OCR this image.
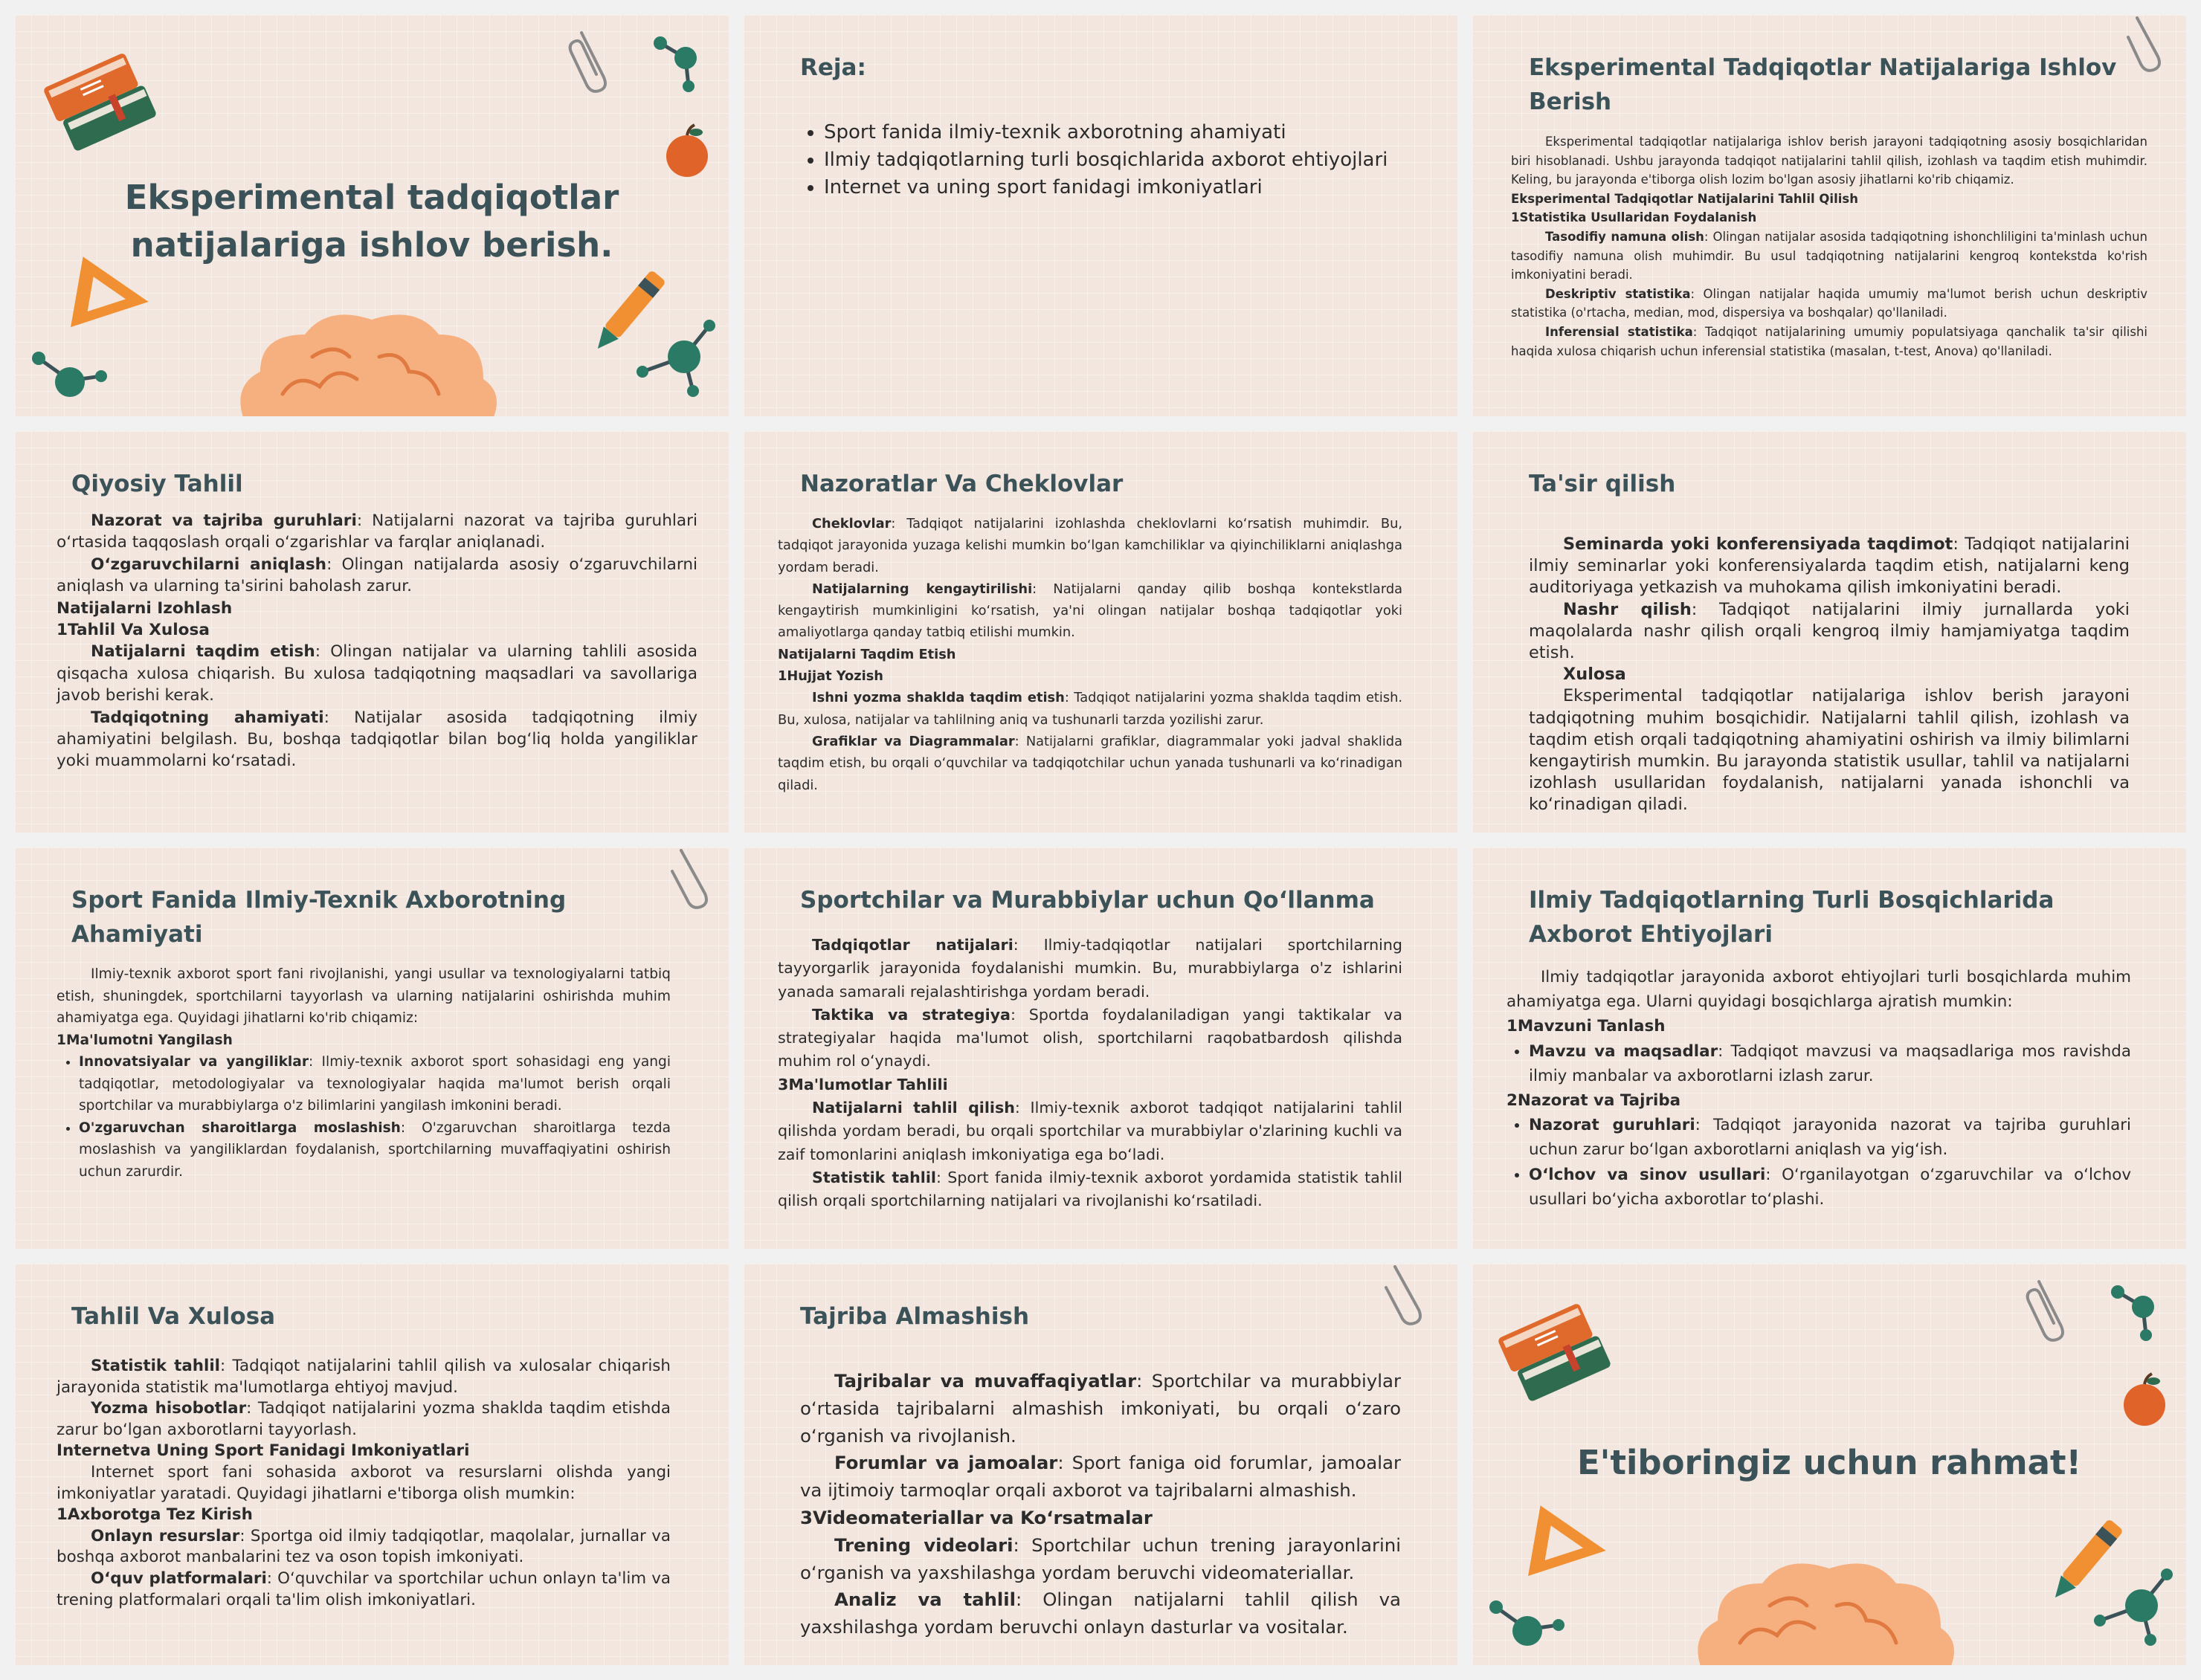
Eksperimental tadqiqotlar
natijalariga ishlov berish.
Reja:
• Sport fanida ilmiy-texnik axborotning ahamiyati
• Ilmiy tadqiqotlarning turli bosqichlarida axborot ehtiyojlari
• Internet va uning sport fanidagi imkoniyatlari
Eksperimental Tadqiqotlar Natijalariga Ishlov Berish

Eksperimental tadqiqotlar natijalariga ishlov berish jarayoni tadqiqotning asosiy bosqichlaridan biri hisoblanadi. Ushbu jarayonda tadqiqot natijalarini tahlil qilish, izohlash va taqdim etish muhimdir. Keling, bu jarayonda e'tiborga olish lozim bo'lgan asosiy jihatlarni ko'rib chiqamiz.

Eksperimental Tadqiqotlar Natijalarini Tahlil Qilish

1Statistika Usullaridan Foydalanish

Tasodifiy namuna olish: Olingan natijalar asosida tadqiqotning ishonchliligini ta'minlash uchun tasodifiy namuna olish muhimdir. Bu usul tadqiqotning natijalarini kengroq kontekstda ko'rish imkoniyatini beradi.

Deskriptiv statistika: Olingan natijalar haqida umumiy ma'lumot berish uchun deskriptiv statistika (o'rtacha, median, mod, dispersiya va boshqalar) qo'llaniladi.

Inferensial statistika: Tadqiqot natijalarining umumiy populatsiyaga qanchalik ta'sir qilishi haqida xulosa chiqarish uchun inferensial statistika (masalan, t-test, Anova) qo'llaniladi.

Qiyosiy Tahlil

Nazorat va tajriba guruhlari: Natijalarni nazorat va tajriba guruhlari o‘rtasida taqqoslash orqali o‘zgarishlar va farqlar aniqlanadi.

O‘zgaruvchilarni aniqlash: Olingan natijalarda asosiy o‘zgaruvchilarni aniqlash va ularning ta'sirini baholash zarur.

Natijalarni Izohlash

1Tahlil Va Xulosa

Natijalarni taqdim etish: Olingan natijalar va ularning tahlili asosida qisqacha xulosa chiqarish. Bu xulosa tadqiqotning maqsadlari va savollariga javob berishi kerak.

Tadqiqotning ahamiyati: Natijalar asosida tadqiqotning ilmiy ahamiyatini belgilash. Bu, boshqa tadqiqotlar bilan bog‘liq holda yangiliklar yoki muammolarni ko‘rsatadi.

Nazoratlar Va Cheklovlar

Cheklovlar: Tadqiqot natijalarini izohlashda cheklovlarni ko‘rsatish muhimdir. Bu, tadqiqot jarayonida yuzaga kelishi mumkin bo‘lgan kamchiliklar va qiyinchiliklarni aniqlashga yordam beradi.

Natijalarning kengaytirilishi: Natijalarni qanday qilib boshqa kontekstlarda kengaytirish mumkinligini ko‘rsatish, ya'ni olingan natijalar boshqa tadqiqotlar yoki amaliyotlarga qanday tatbiq etilishi mumkin.

Natijalarni Taqdim Etish

1Hujjat Yozish

Ishni yozma shaklda taqdim etish: Tadqiqot natijalarini yozma shaklda taqdim etish. Bu, xulosa, natijalar va tahlilning aniq va tushunarli tarzda yozilishi zarur.

Grafiklar va Diagrammalar: Natijalarni grafiklar, diagrammalar yoki jadval shaklida taqdim etish, bu orqali o‘quvchilar va tadqiqotchilar uchun yanada tushunarli va ko‘rinadigan qiladi.

Ta'sir qilish

Seminarda yoki konferensiyada taqdimot: Tadqiqot natijalarini ilmiy seminarlar yoki konferensiyalarda taqdim etish, natijalarni keng auditoriyaga yetkazish va muhokama qilish imkoniyatini beradi.

Nashr qilish: Tadqiqot natijalarini ilmiy jurnallarda yoki maqolalarda nashr qilish orqali kengroq ilmiy hamjamiyatga taqdim etish.

Xulosa

Eksperimental tadqiqotlar natijalariga ishlov berish jarayoni tadqiqotning muhim bosqichidir. Natijalarni tahlil qilish, izohlash va taqdim etish orqali tadqiqotning ahamiyatini oshirish va ilmiy bilimlarni kengaytirish mumkin. Bu jarayonda statistik usullar, tahlil va natijalarni izohlash usullaridan foydalanish, natijalarni yanada ishonchli va ko‘rinadigan qiladi.

Sport Fanida Ilmiy-Texnik Axborotning Ahamiyati

Ilmiy-texnik axborot sport fani rivojlanishi, yangi usullar va texnologiyalarni tatbiq etish, shuningdek, sportchilarni tayyorlash va ularning natijalarini oshirishda muhim ahamiyatga ega. Quyidagi jihatlarni ko'rib chiqamiz:

1Ma'lumotni Yangilash

• Innovatsiyalar va yangiliklar: Ilmiy-texnik axborot sport sohasidagi eng yangi tadqiqotlar, metodologiyalar va texnologiyalar haqida ma'lumot berish orqali sportchilar va murabbiylarga o'z bilimlarini yangilash imkonini beradi.
• O'zgaruvchan sharoitlarga moslashish: O'zgaruvchan sharoitlarga tezda moslashish va yangiliklardan foydalanish, sportchilarning muvaffaqiyatini oshirish uchun zarurdir.
Sportchilar va Murabbiylar uchun Qo‘llanma

Tadqiqotlar natijalari: Ilmiy-tadqiqotlar natijalari sportchilarning tayyorgarlik jarayonida foydalanishi mumkin. Bu, murabbiylarga o'z ishlarini yanada samarali rejalashtirishga yordam beradi.

Taktika va strategiya: Sportda foydalaniladigan yangi taktikalar va strategiyalar haqida ma'lumot olish, sportchilarni raqobatbardosh qilishda muhim rol o‘ynaydi.

3Ma'lumotlar Tahlili

Natijalarni tahlil qilish: Ilmiy-texnik axborot tadqiqot natijalarini tahlil qilishda yordam beradi, bu orqali sportchilar va murabbiylar o'zlarining kuchli va zaif tomonlarini aniqlash imkoniyatiga ega bo‘ladi.

Statistik tahlil: Sport fanida ilmiy-texnik axborot yordamida statistik tahlil qilish orqali sportchilarning natijalari va rivojlanishi ko‘rsatiladi.

Ilmiy Tadqiqotlarning Turli Bosqichlarida Axborot Ehtiyojlari

Ilmiy tadqiqotlar jarayonida axborot ehtiyojlari turli bosqichlarda muhim ahamiyatga ega. Ularni quyidagi bosqichlarga ajratish mumkin:

1Mavzuni Tanlash

• Mavzu va maqsadlar: Tadqiqot mavzusi va maqsadlariga mos ravishda ilmiy manbalar va axborotlarni izlash zarur.

2Nazorat va Tajriba

• Nazorat guruhlari: Tadqiqot jarayonida nazorat va tajriba guruhlari uchun zarur bo‘lgan axborotlarni aniqlash va yig‘ish.
• O‘lchov va sinov usullari: O‘rganilayotgan o‘zgaruvchilar va o‘lchov usullari bo‘yicha axborotlar to‘plashi.
Tahlil Va Xulosa

Statistik tahlil: Tadqiqot natijalarini tahlil qilish va xulosalar chiqarish jarayonida statistik ma'lumotlarga ehtiyoj mavjud.

Yozma hisobotlar: Tadqiqot natijalarini yozma shaklda taqdim etishda zarur bo‘lgan axborotlarni tayyorlash.

Internetva Uning Sport Fanidagi Imkoniyatlari

Internet sport fani sohasida axborot va resurslarni olishda yangi imkoniyatlar yaratadi. Quyidagi jihatlarni e'tiborga olish mumkin:

1Axborotga Tez Kirish

Onlayn resurslar: Sportga oid ilmiy tadqiqotlar, maqolalar, jurnallar va boshqa axborot manbalarini tez va oson topish imkoniyati.

O‘quv platformalari: O‘quvchilar va sportchilar uchun onlayn ta'lim va trening platformalari orqali ta'lim olish imkoniyatlari.

Tajriba Almashish

Tajribalar va muvaffaqiyatlar: Sportchilar va murabbiylar o‘rtasida tajribalarni almashish imkoniyati, bu orqali o‘zaro o‘rganish va rivojlanish.

Forumlar va jamoalar: Sport faniga oid forumlar, jamoalar va ijtimoiy tarmoqlar orqali axborot va tajribalarni almashish.

3Videomateriallar va Ko‘rsatmalar

Trening videolari: Sportchilar uchun trening jarayonlarini o‘rganish va yaxshilashga yordam beruvchi videomateriallar.

Analiz va tahlil: Olingan natijalarni tahlil qilish va yaxshilashga yordam beruvchi onlayn dasturlar va vositalar.

E'tiboringiz uchun rahmat!
